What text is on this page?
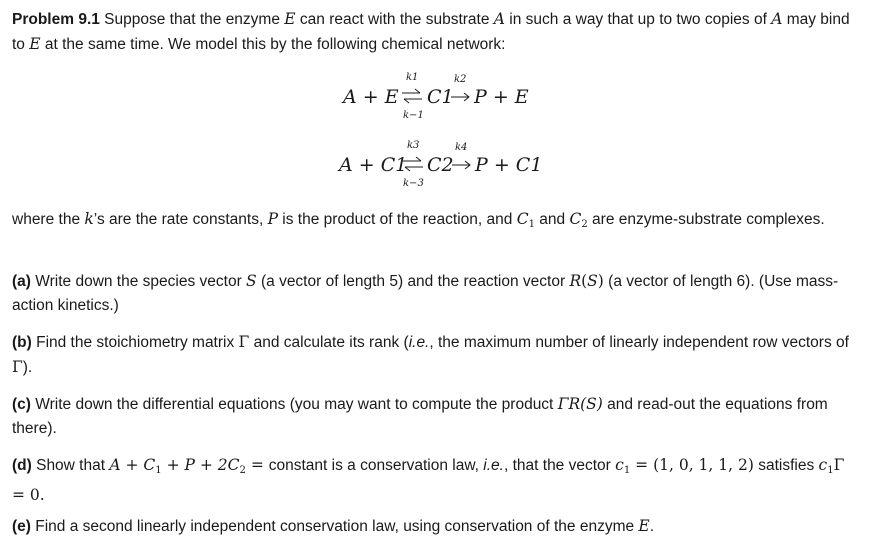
Problem 9.1 Suppose that the enzyme E can react with the substrate A in such a way that up to two copies of A may bind to E at the same time. We model this by the following chemical network:
A + E
k1
k−1
C1
k2
P + E
A + C1
k3
k−3
C2
k4
P + C1
where the k’s are the rate constants, P is the product of the reaction, and $C_1$ and $C_2$ are enzyme-substrate complexes.
(a) Write down the species vector S (a vector of length 5) and the reaction vector R(S) (a vector of length 6). (Use mass-action kinetics.)
(b) Find the stoichiometry matrix Γ and calculate its rank (i.e., the maximum number of linearly independent row vectors of Γ).
(c) Write down the differential equations (you may want to compute the product ΓR(S) and read-out the equations from there).
(d) Show that $A + C_1 + P + 2C_2$ = constant is a conservation law, i.e., that the vector $c_1 = (1$, 0, 1, 1, 2) satisfies $c_1\Gamma = 0$.
(e) Find a second linearly independent conservation law, using conservation of the enzyme E.
